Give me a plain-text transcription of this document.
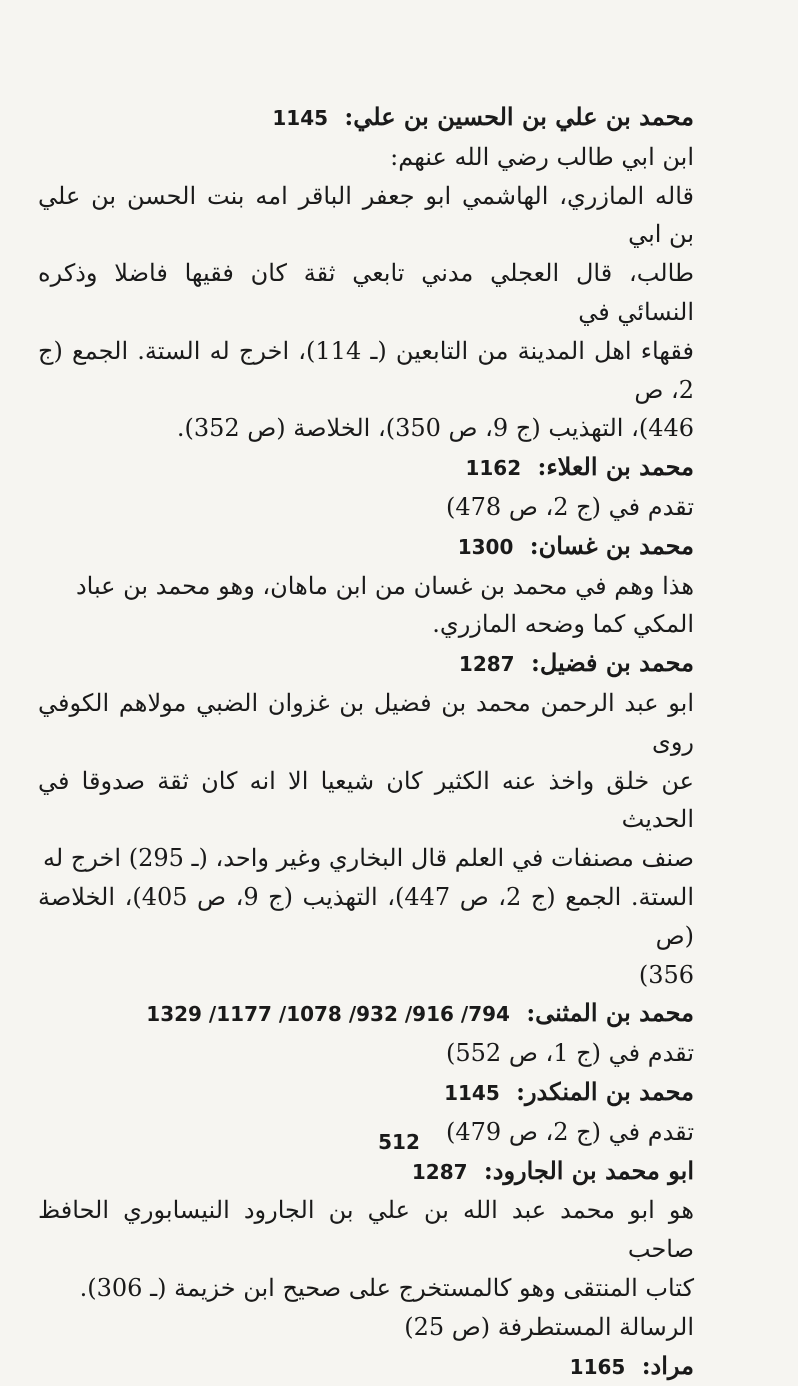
محمد بن علي بن الحسين بن علي: 1145
ابن ابي طالب رضي الله عنهم:
قاله المازري، الهاشمي ابو جعفر الباقر امه بنت الحسن بن علي بن ابي
طالب، قال العجلي مدني تابعي ثقة كان فقيها فاضلا وذكره النسائي في
فقهاء اهل المدينة من التابعين (ـ 114)، اخرج له الستة. الجمع (ج 2، ص
446)، التهذيب (ج 9، ص 350)، الخلاصة (ص 352).
محمد بن العلاء: 1162
تقدم في (ج 2، ص 478)
محمد بن غسان: 1300
هذا وهم في محمد بن غسان من ابن ماهان، وهو محمد بن عباد
المكي كما وضحه المازري.
محمد بن فضيل: 1287
ابو عبد الرحمن محمد بن فضيل بن غزوان الضبي مولاهم الكوفي روى
عن خلق واخذ عنه الكثير كان شيعيا الا انه كان ثقة صدوقا في الحديث
صنف مصنفات في العلم قال البخاري وغير واحد، (ـ 295) اخرج له
الستة. الجمع (ج 2، ص 447)، التهذيب (ج 9، ص 405)، الخلاصة (ص
356)
محمد بن المثنى: 794/ 916/ 932/ 1078/ 1177/ 1329
تقدم في (ج 1، ص 552)
محمد بن المنكدر: 1145
تقدم في (ج 2، ص 479)
ابو محمد بن الجارود: 1287
هو ابو محمد عبد الله بن علي بن الجارود النيسابوري الحافظ صاحب
كتاب المنتقى وهو كالمستخرج على صحيح ابن خزيمة (ـ 306).
الرسالة المستطرفة (ص 25)
مراد: 1165
512
